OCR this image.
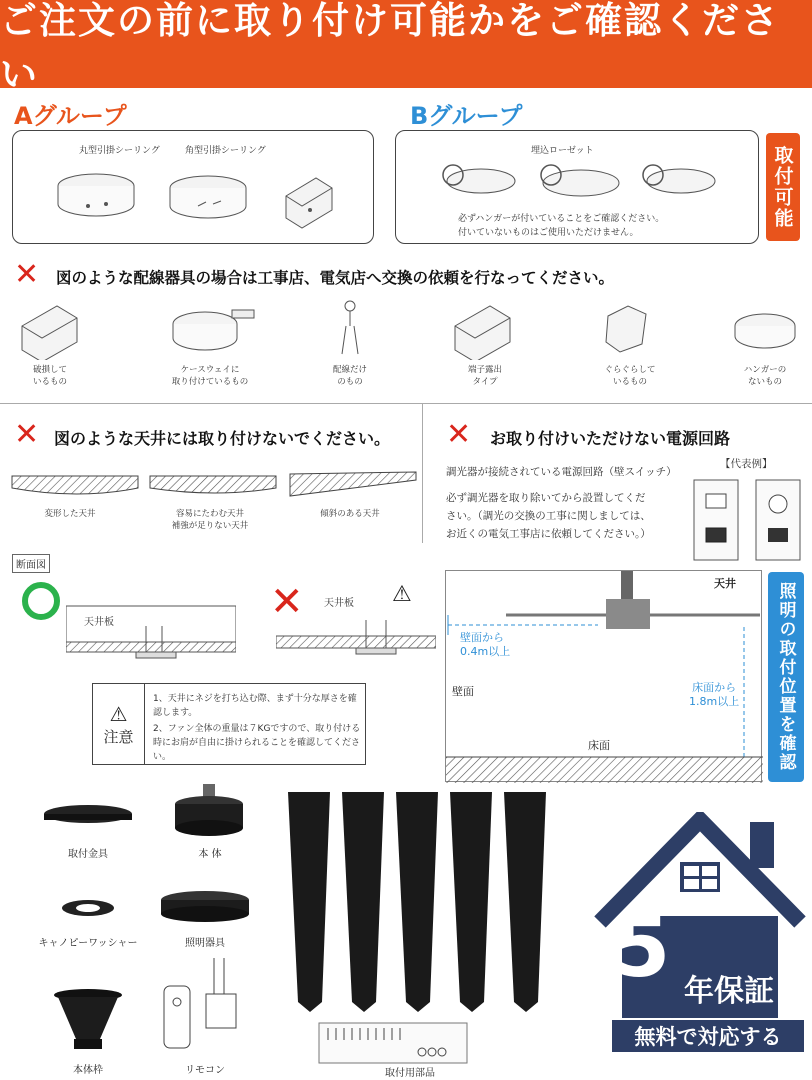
ご注文の前に取り付け可能かをご確認ください
Aグループ
丸型引掛シーリング	角型引掛シーリング
Bグループ
埋込ローゼット
必ずハンガーが付いていることをご確認ください。
付いていないものはご使用いただけません。
取付可能
✕ 図のような配線器具の場合は工事店、電気店へ交換の依頼を行なってください。
破損して
いるもの
ケースウェイに
取り付けているもの
配線だけ
のもの
端子露出
タイプ
ぐらぐらして
いるもの
ハンガーの
ないもの
✕ 図のような天井には取り付けないでください。
変形した天井	容易にたわむ天井
補強が足りない天井
傾斜のある天井
✕ お取り付けいただけない電源回路
調光器が接続されている電源回路（壁スイッチ）
必ず調光器を取り除いてから設置してくだ
さい。（調光の交換の工事に関しましては、
お近くの電気工事店に依頼してください。）
【代表例】
断面図
✕	⚠
天井板
天井板
⚠
注意
1、天井にネジを打ち込む際、まず十分な厚さを確認します。
2、ファン全体の重量は７KGですので、取り付ける時にお肩が自由に掛けられることを確認してください。
天井
壁面から
0.4m以上
壁面	床面から
1.8m以上
床面	照明の取付位置を確認
取付金具	本 体
キャノピーワッシャー	照明器具
本体枠	リモコン	取付用部品
5 年保証
無料で対応する
